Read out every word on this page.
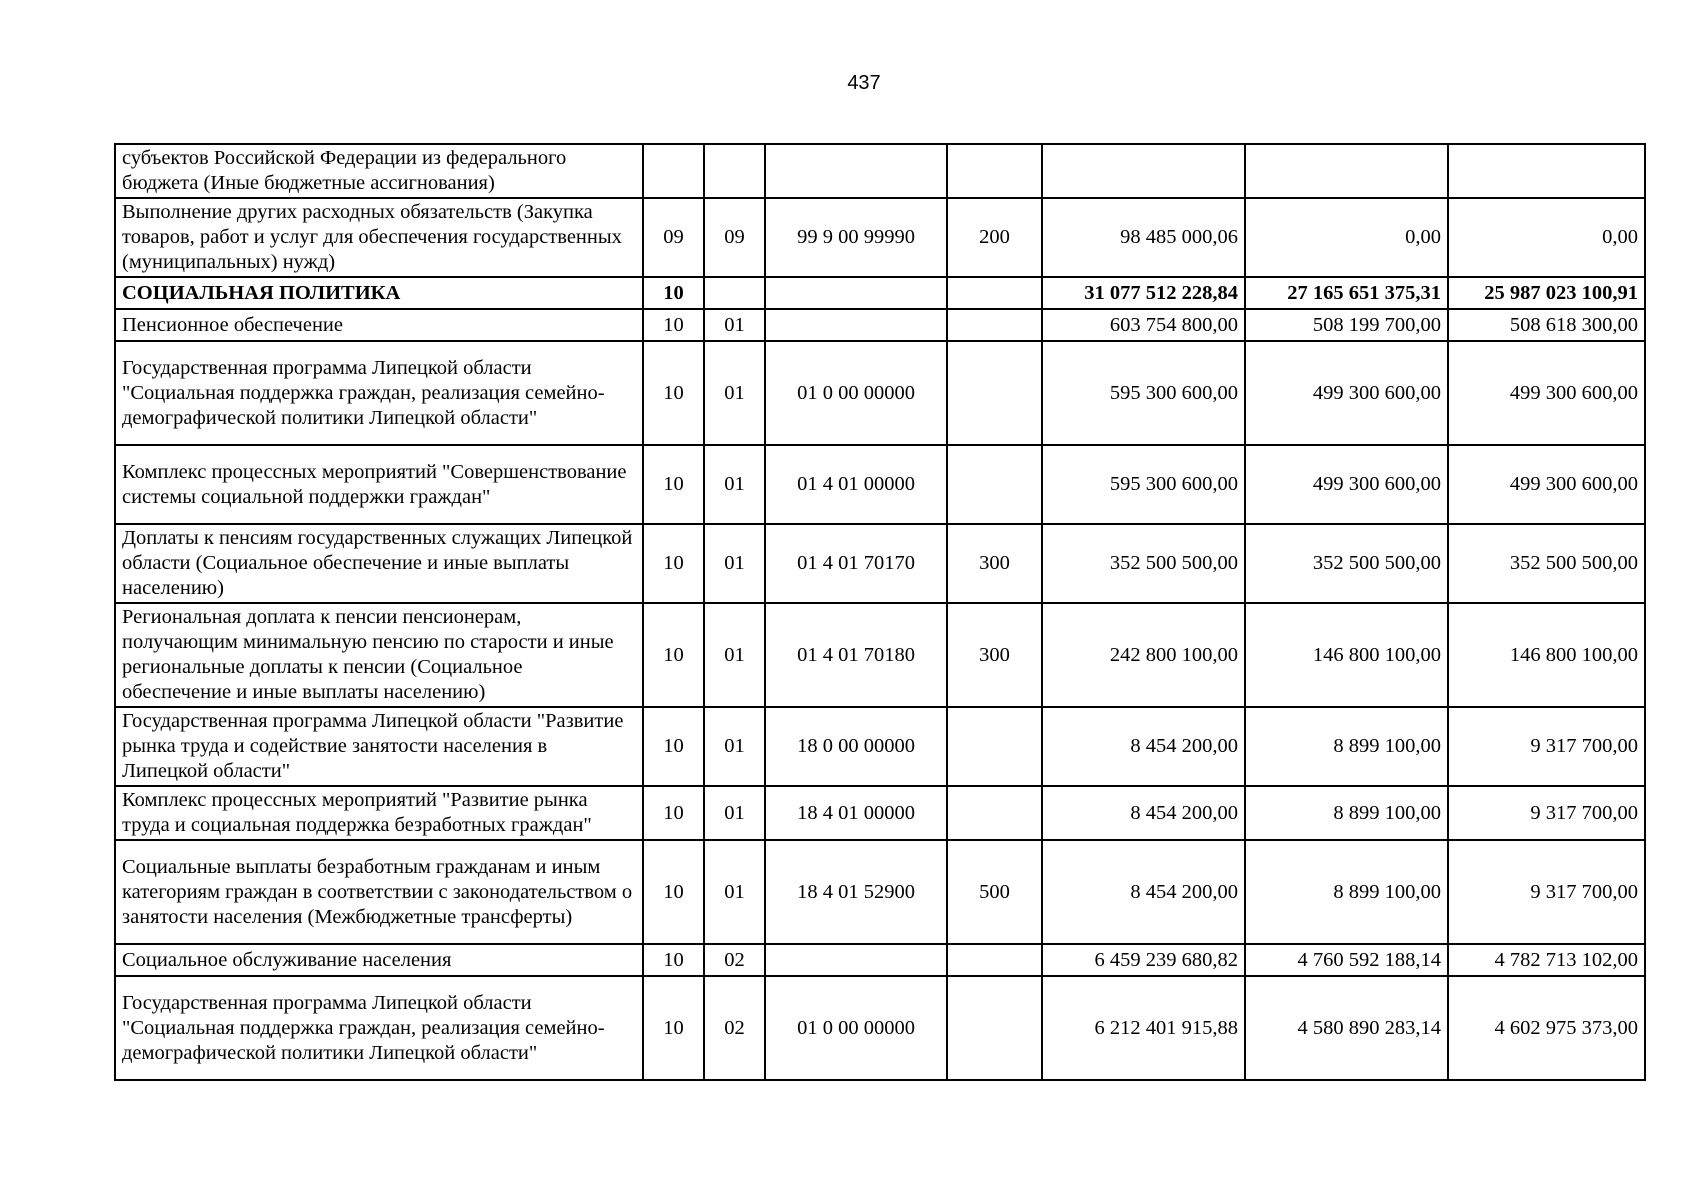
437
субъектов Российской Федерации из федерального бюджета (Иные бюджетные ассигнования)							
Выполнение других расходных обязательств (Закупка товаров, работ и услуг для обеспечения государственных (муниципальных) нужд)	09	09	99 9 00 99990	200	98 485 000,06	0,00	0,00
СОЦИАЛЬНАЯ ПОЛИТИКА	10				31 077 512 228,84	27 165 651 375,31	25 987 023 100,91
Пенсионное обеспечение	10	01			603 754 800,00	508 199 700,00	508 618 300,00
Государственная программа Липецкой области "Социальная поддержка граждан, реализация семейно-демографической политики Липецкой области"	10	01	01 0 00 00000		595 300 600,00	499 300 600,00	499 300 600,00
Комплекс процессных мероприятий "Совершенствование системы социальной поддержки граждан"	10	01	01 4 01 00000		595 300 600,00	499 300 600,00	499 300 600,00
Доплаты к пенсиям государственных служащих Липецкой области (Социальное обеспечение и иные выплаты населению)	10	01	01 4 01 70170	300	352 500 500,00	352 500 500,00	352 500 500,00
Региональная доплата к пенсии пенсионерам, получающим минимальную пенсию по старости и иные региональные доплаты к пенсии (Социальное обеспечение и иные выплаты населению)	10	01	01 4 01 70180	300	242 800 100,00	146 800 100,00	146 800 100,00
Государственная программа Липецкой области "Развитие рынка труда и содействие занятости населения в Липецкой области"	10	01	18 0 00 00000		8 454 200,00	8 899 100,00	9 317 700,00
Комплекс процессных мероприятий "Развитие рынка труда и социальная поддержка безработных граждан"	10	01	18 4 01 00000		8 454 200,00	8 899 100,00	9 317 700,00
Социальные выплаты безработным гражданам и иным категориям граждан в соответствии с законодательством о занятости населения (Межбюджетные трансферты)	10	01	18 4 01 52900	500	8 454 200,00	8 899 100,00	9 317 700,00
Социальное обслуживание населения	10	02			6 459 239 680,82	4 760 592 188,14	4 782 713 102,00
Государственная программа Липецкой области "Социальная поддержка граждан, реализация семейно-демографической политики Липецкой области"	10	02	01 0 00 00000		6 212 401 915,88	4 580 890 283,14	4 602 975 373,00
